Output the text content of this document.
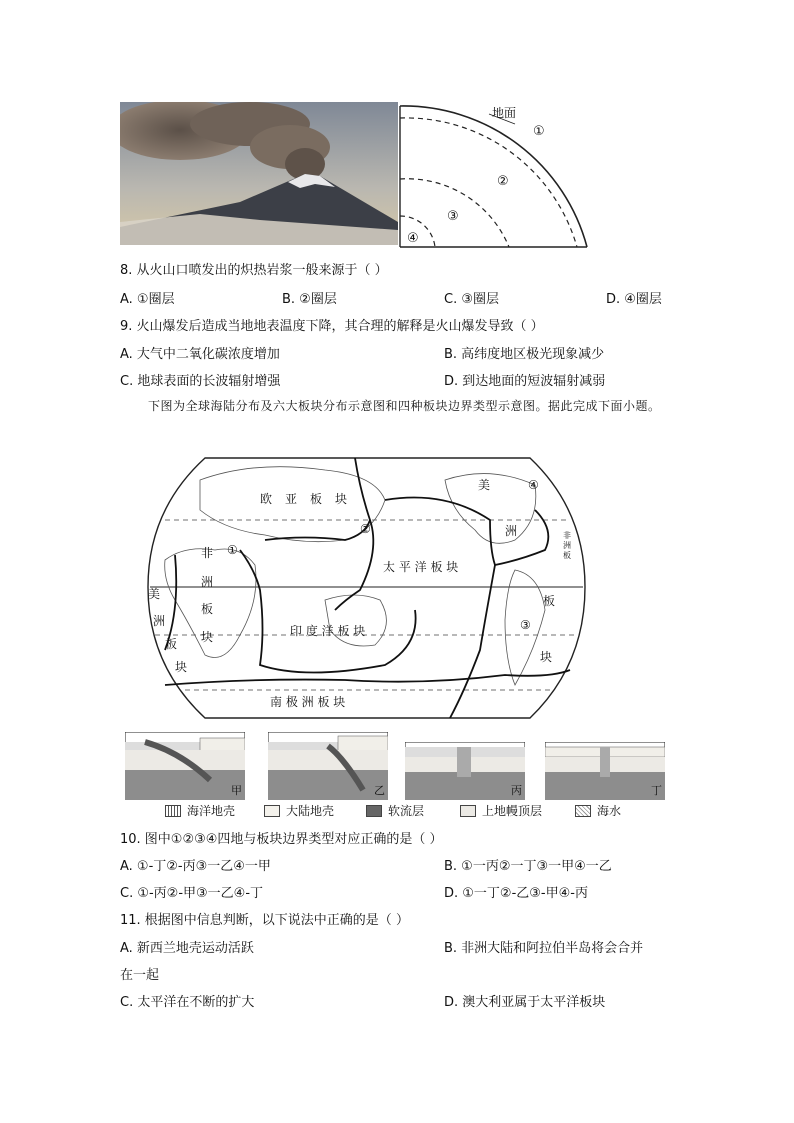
地面
①
②
③
④
8. 从火山口喷发出的炽热岩浆一般来源于（ ）
A. ①圈层	B. ②圈层	C. ③圈层	D. ④圈层
9. 火山爆发后造成当地地表温度下降，其合理的解释是火山爆发导致（ ）
A. 大气中二氧化碳浓度增加	B. 高纬度地区极光现象减少
C. 地球表面的长波辐射增强	D. 到达地面的短波辐射减弱
下图为全球海陆分布及六大板块分布示意图和四种板块边界类型示意图。据此完成下面小题。
欧 亚 板 块
非
洲
板
块
美
洲
板
块
太 平 洋 板 块
美
洲
板
块
非
洲
板
印 度 洋 板 块
南 极 洲 板 块
①
②
③
④
甲	乙	丙	丁
海洋地壳	大陆地壳	软流层	上地幔顶层	海水
10. 图中①②③④四地与板块边界类型对应正确的是（ ）
A. ①-丁②-丙③一乙④一甲	B. ①一丙②一丁③一甲④一乙
C. ①-丙②-甲③一乙④-丁	D. ①一丁②-乙③-甲④-丙
11. 根据图中信息判断，以下说法中正确的是（ ）
A. 新西兰地壳运动活跃	B. 非洲大陆和阿拉伯半岛将会合并
在一起
C. 太平洋在不断的扩大	D. 澳大利亚属于太平洋板块
